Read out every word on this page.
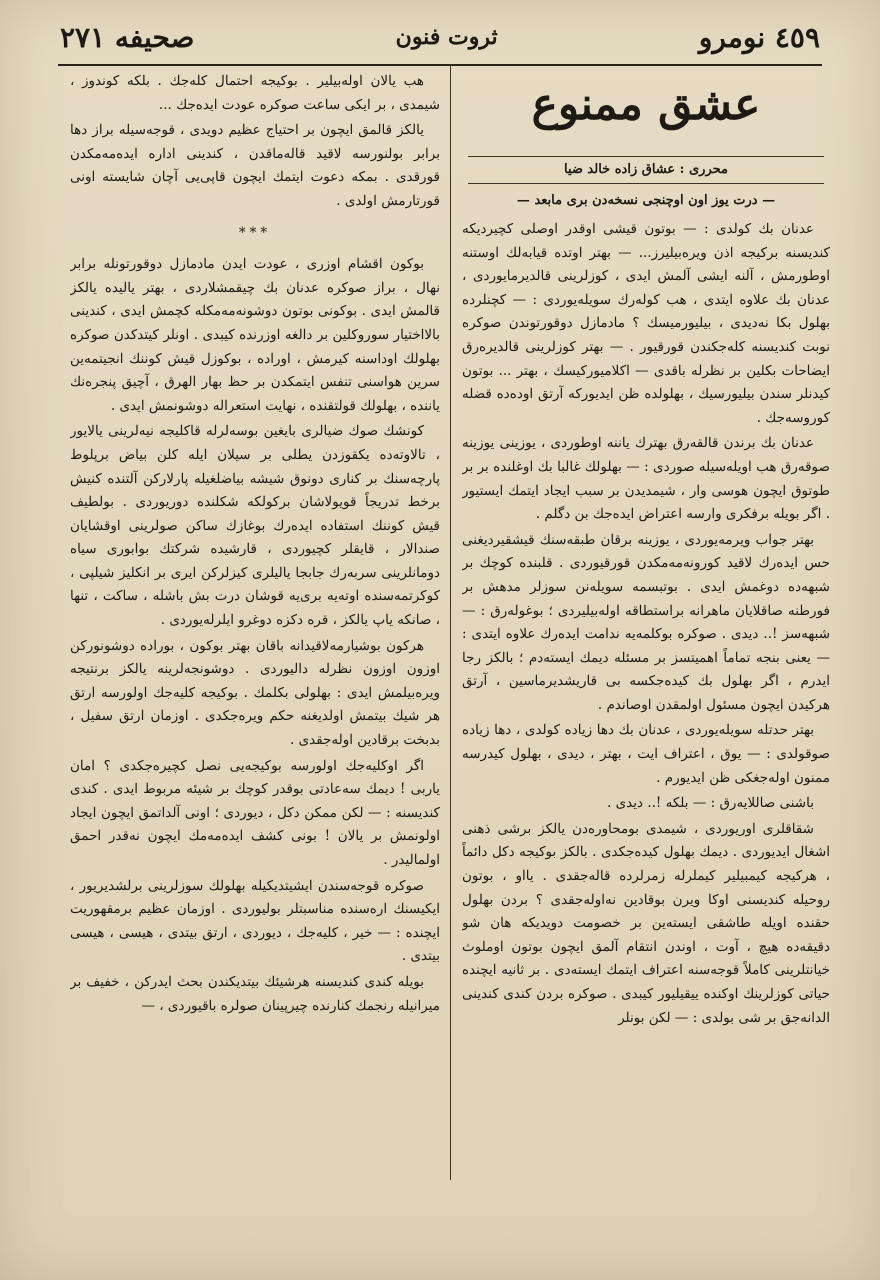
٤٥٩ نومرو
ثروت فنون
صحیفه ٢٧١
عشق ممنوع
محرری : عشاق زاده خالد ضیا
— درت یوز اون اوچنجی نسخه‌دن‌ بری مابعد —

عدنان بك كولدی : — بوتون قیشی اوقدر اوصلی كچیرد‌یكه كندیسنه بركیجه اذن ویره‌بیلیرز... — بهتر اوتده قیابه‌لك اوستنه اوطورمش ، آلنه ایشی آلمش ایدی ، كوزلرینی قالدیرمایوردی ، عدنان بك علاوه ایتدی ، هب كوله‌رك سویله‌یوردی : — كچنلرده بهلول بكا نه‌دیدی ، بیلیورمیسك ؟ مادمازل دوقورتوندن صوكره نوبت كندیسنه كله‌جكندن قورقیور . — بهتر كوزلرینی قالدیره‌رق ایضاحات بكلین بر نظرله باقدی — اكلامیوركیسك ، بهتر ... بوتون كیدنلر سندن بیلیورسیك ، بهلولده ظن ایدیورکه آرتق اوده‌ده قضله كوروسه‌جك .

عدنان بك برندن قالقه‌رق بهترك یاننه اوطوردی ، یوزینی یوزینه صوقه‌رق هب اویله‌سیله صوردی : — بهلولك غالبا بك اوغلنده بر بر طوتوق ایچون هوسی وار ، شیمدیدن بر سبب ایجاد ایتمك ایستیور . اگر بویله برفكری وارسه اعتراض ایده‌جك بن دگلم .

بهتر جواب ویرمه‌یوردی ، یوزینه برقان طبقه‌سنك قیشقیردیغنی حس ایده‌رك لاقید كورونه‌مه‌مكدن قورقیوردی . قلبنده كوچك بر شبهه‌ده دوغمش ایدی . بوتبسمه سویله‌نن سوزلر مدهش بر فورطنه صاقلایان ماهرانه براستطاقه اوله‌بیلیردی ؛ بوغوله‌رق : — شبهه‌سز !.. دیدی . صوكره بوكلمه‌یه ندامت ایده‌رك علاوه ایتدی : — یعنی بنجه تماماً اهمیتسز بر مسئله دیمك ایسته‌دم ؛ بالكز رجا ایدرم ، اگر بهلول بك كیده‌جكسه بی قاریشدیرماسین ، آرتق هركیدن ایچون مسئول اولمقدن اوصاندم .

بهتر حدتله سویله‌یوردی ، عدنان بك دها زیاده كولدی ، دها زیاده صوقولدی : — یوق ، اعتراف ایت ، بهتر ، دیدی ، بهلول كیدرسه ممنون اوله‌جغكی ظن ایدیورم .

باشنی صاللایه‌رق : — بلكه !.. دیدی .

شقاقلری اوریوردی ، شیمدی بومحاوره‌دن یالكز برشی ذهنی اشغال ایدیوردی . دیمك بهلول كیده‌جكدی . بالكز بوكیجه دكل دائماً ، هركیجه كیمبیلیر كیملرله زمرلرده قاله‌جقدی . یااو ، بوتون روحیله كندیسنی اوكا ویرن بوقادین نه‌اوله‌جقدی ؟ بردن بهلول حقنده اویله طاشقی ایسته‌ین بر خصومت دویدیكه هان شو دقیقه‌ده هیچ ، آوت ، اوندن انتقام آلمق ایچون بوتون اوملوث خیانتلرینی كاملاً قوجه‌سنه اعتراف ایتمك ایسته‌دی . بر ثانیه ایچنده حیاتی كوزلرینك اوكنده ییقیلیور كیبدی . صوكره بردن كندی كندینی الدانه‌جق بر شی بولدی : — لكن بونلر

هب یالان اوله‌بیلیر . بوكیجه احتمال كله‌جك . بلكه كوندوز ، شیمدی ، بر ایكی ساعت صوكره عودت ایده‌جك ...

یالكز قالمق ایچون بر احتیاج عظیم دویدی ، قوجه‌سیله براز دها برابر بولنورسه لاقید قاله‌ماقدن ، كندینی اداره ایده‌مه‌مكدن قورقدی . بمكه دعوت ایتمك ایچون قاپی‌یی آچان شایسته اونی قورتارمش اولدی .

***

بوكون اقشام اوزری ، عودت ایدن مادمازل دوقورتونله برابر نهال ، براز صوكره عدنان بك چیقمشلاردی ، بهتر یالیده یالكز قالمش ایدی . بوكونی بوتون دوشونه‌مه‌مكله كچمش ایدی ، كندینی بالااختیار سوروكلین بر دالغه اوزرنده كیبدی . اونلر كیتدكدن صوكره بهلولك اوداسنه كیرمش ، اوراده ، بوكوزل قیش كوننك انجیتمه‌ین سرین هواسنی تنفس ایتمكدن بر حظ بهار الهرق ، آچیق پنجره‌نك یاننده ، بهلولك قولتقنده ، نهایت استعراله دوشونمش ایدی .

كونشك صوك ضیالری بایغین بوسه‌لرله قاكلیجه نیه‌لرینی یالایور ، تالاوته‌ده یكقوزدن یطلی بر سیلان ایله كلن بیاض برپلوط پارچه‌سنك بر كناری دونوق شیشه بیاضلغیله پارلاركن آلتنده كنیش برخط تدریجاً قویولاشان بركولكه شكلنده دوریوردی . بولطیف قیش كوننك استفاده ایده‌رك بوغازك ساكن صولرینی اوقشایان صندالار ، قایقلر كچیوردی ، قارشیده شركتك بوابوری سیاه دومانلرینی سربه‌رك جابجا یالیلری كیزلركن ایری بر انكلیز شیلپی ، كوكرتمه‌سنده اوته‌یه بری‌یه قوشان درت بش باشله ، ساكت ، تنها ، صانكه یاپ یالكز ، قره دكزه دوغرو ایلرله‌یوردی .

هركون بوشیارمه‌لاقیدانه باقان بهتر بوكون ، بوراده دوشونوركن اوزون اوزون نظرله دالیوردی . دوشونجه‌لرینه یالكز برنتیجه ویره‌بیلمش ایدی : بهلولی بكلمك . بوكیجه كلیه‌جك اولورسه ارتق هر شیك بیتمش اولدیغنه حكم ویره‌جكدی . اوزمان ارتق سفیل ، بدبخت برقادین اوله‌جقدی .

اگر اوكلیه‌جك اولورسه بوكیجه‌یی نصل كچیره‌جكدی ؟ امان یاربی ! دیمك سه‌عادتی بوقدر كوچك بر شیئه مربوط ایدی . كندی كندیسنه : — لكن ممكن دكل ، دیوردی ؛ اونی آلداتمق ایچون ایجاد اولونمش بر یالان ! بونی كشف ایده‌مه‌مك ایچون نه‌قدر احمق اولمالیدر .

صوكره قوجه‌سندن ایشیتدیكیله بهلولك سوزلرینی برلشدیریور ، ایكیسنك ارەسنده مناسبتلر بولیوردی . اوزمان عظیم برمقهوریت ایچنده : — خیر ، كلیه‌جك ، دیوردی ، ارتق بیتدی ، هیسی ، هیسی بیتدی .

بویله كندی كندیسنه هرشیئك بیتدیكندن بحث ایدركن ، خفیف بر میرانیله رنجمك كنارنده چیرپینان صولره باقیوردی ، —
